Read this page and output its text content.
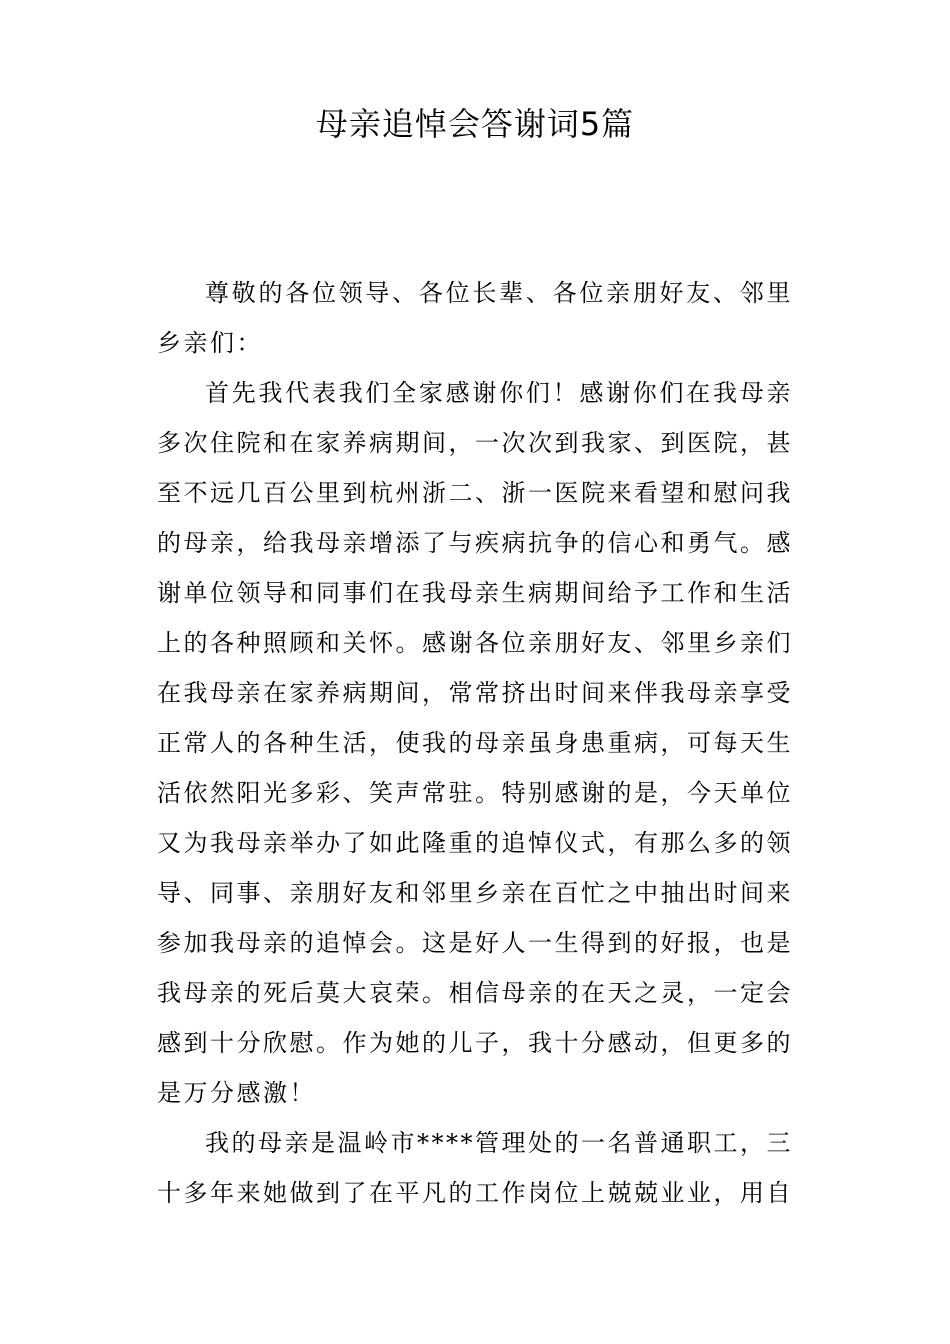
母亲追悼会答谢词5篇

尊敬的各位领导、各位长辈、各位亲朋好友、邻里乡亲们：

首先我代表我们全家感谢你们！感谢你们在我母亲多次住院和在家养病期间，一次次到我家、到医院，甚至不远几百公里到杭州浙二、浙一医院来看望和慰问我的母亲，给我母亲增添了与疾病抗争的信心和勇气。感谢单位领导和同事们在我母亲生病期间给予工作和生活上的各种照顾和关怀。感谢各位亲朋好友、邻里乡亲们在我母亲在家养病期间，常常挤出时间来伴我母亲享受正常人的各种生活，使我的母亲虽身患重病，可每天生活依然阳光多彩、笑声常驻。特别感谢的是，今天单位又为我母亲举办了如此隆重的追悼仪式，有那么多的领导、同事、亲朋好友和邻里乡亲在百忙之中抽出时间来参加我母亲的追悼会。这是好人一生得到的好报，也是我母亲的死后莫大哀荣。相信母亲的在天之灵，一定会感到十分欣慰。作为她的儿子，我十分感动，但更多的是万分感激！

我的母亲是温岭市****管理处的一名普通职工，三十多年来她做到了在平凡的工作岗位上兢兢业业，用自
